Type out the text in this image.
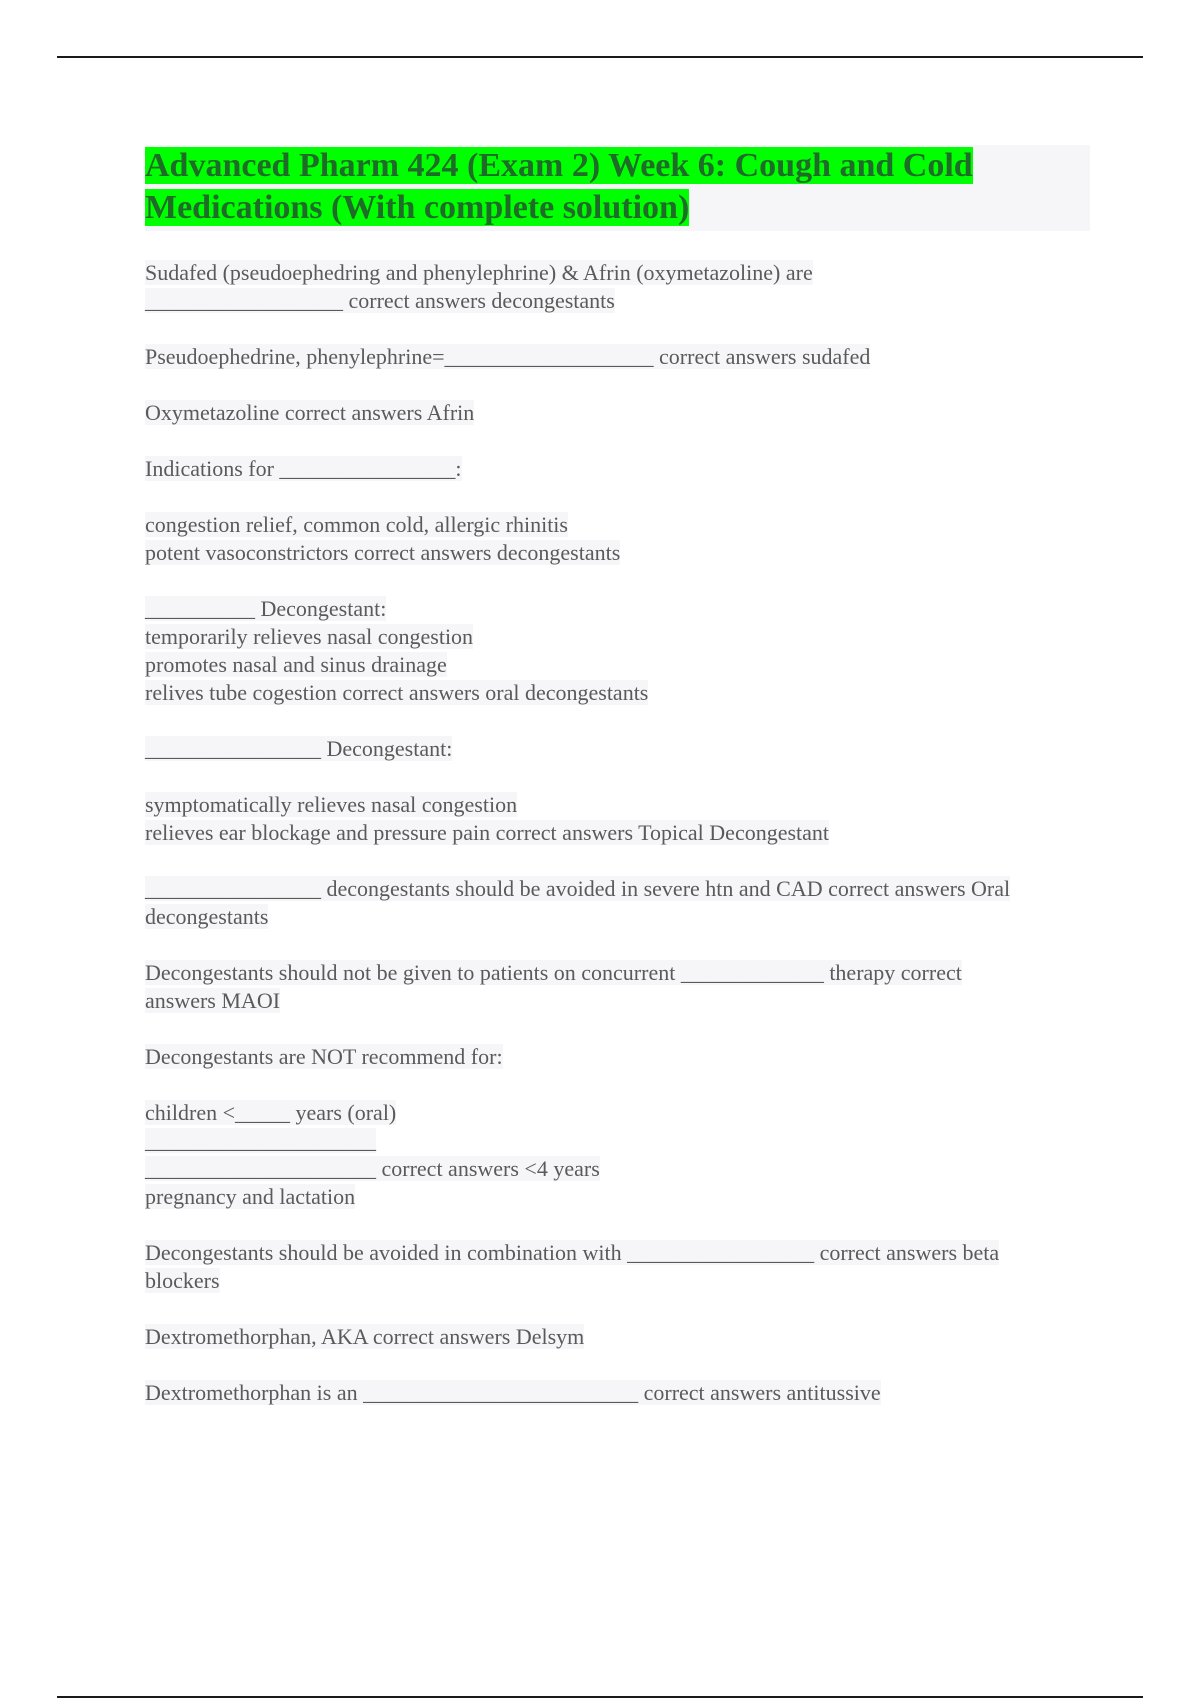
Advanced Pharm 424 (Exam 2) Week 6: Cough and Cold
Medications (With complete solution)
Sudafed (pseudoephedring and phenylephrine) & Afrin (oxymetazoline) are
__________________ correct answers decongestants
Pseudoephedrine, phenylephrine=___________________ correct answers sudafed
Oxymetazoline correct answers Afrin
Indications for ________________:
congestion relief, common cold, allergic rhinitis
potent vasoconstrictors correct answers decongestants
__________ Decongestant:
temporarily relieves nasal congestion
promotes nasal and sinus drainage
relives tube cogestion correct answers oral decongestants
________________ Decongestant:
symptomatically relieves nasal congestion
relieves ear blockage and pressure pain correct answers Topical Decongestant
________________ decongestants should be avoided in severe htn and CAD correct answers Oral
decongestants
Decongestants should not be given to patients on concurrent _____________ therapy correct
answers MAOI
Decongestants are NOT recommend for:
children <_____ years (oral)
_____________________
_____________________ correct answers <4 years
pregnancy and lactation
Decongestants should be avoided in combination with _________________ correct answers beta
blockers
Dextromethorphan, AKA correct answers Delsym
Dextromethorphan is an _________________________ correct answers antitussive
